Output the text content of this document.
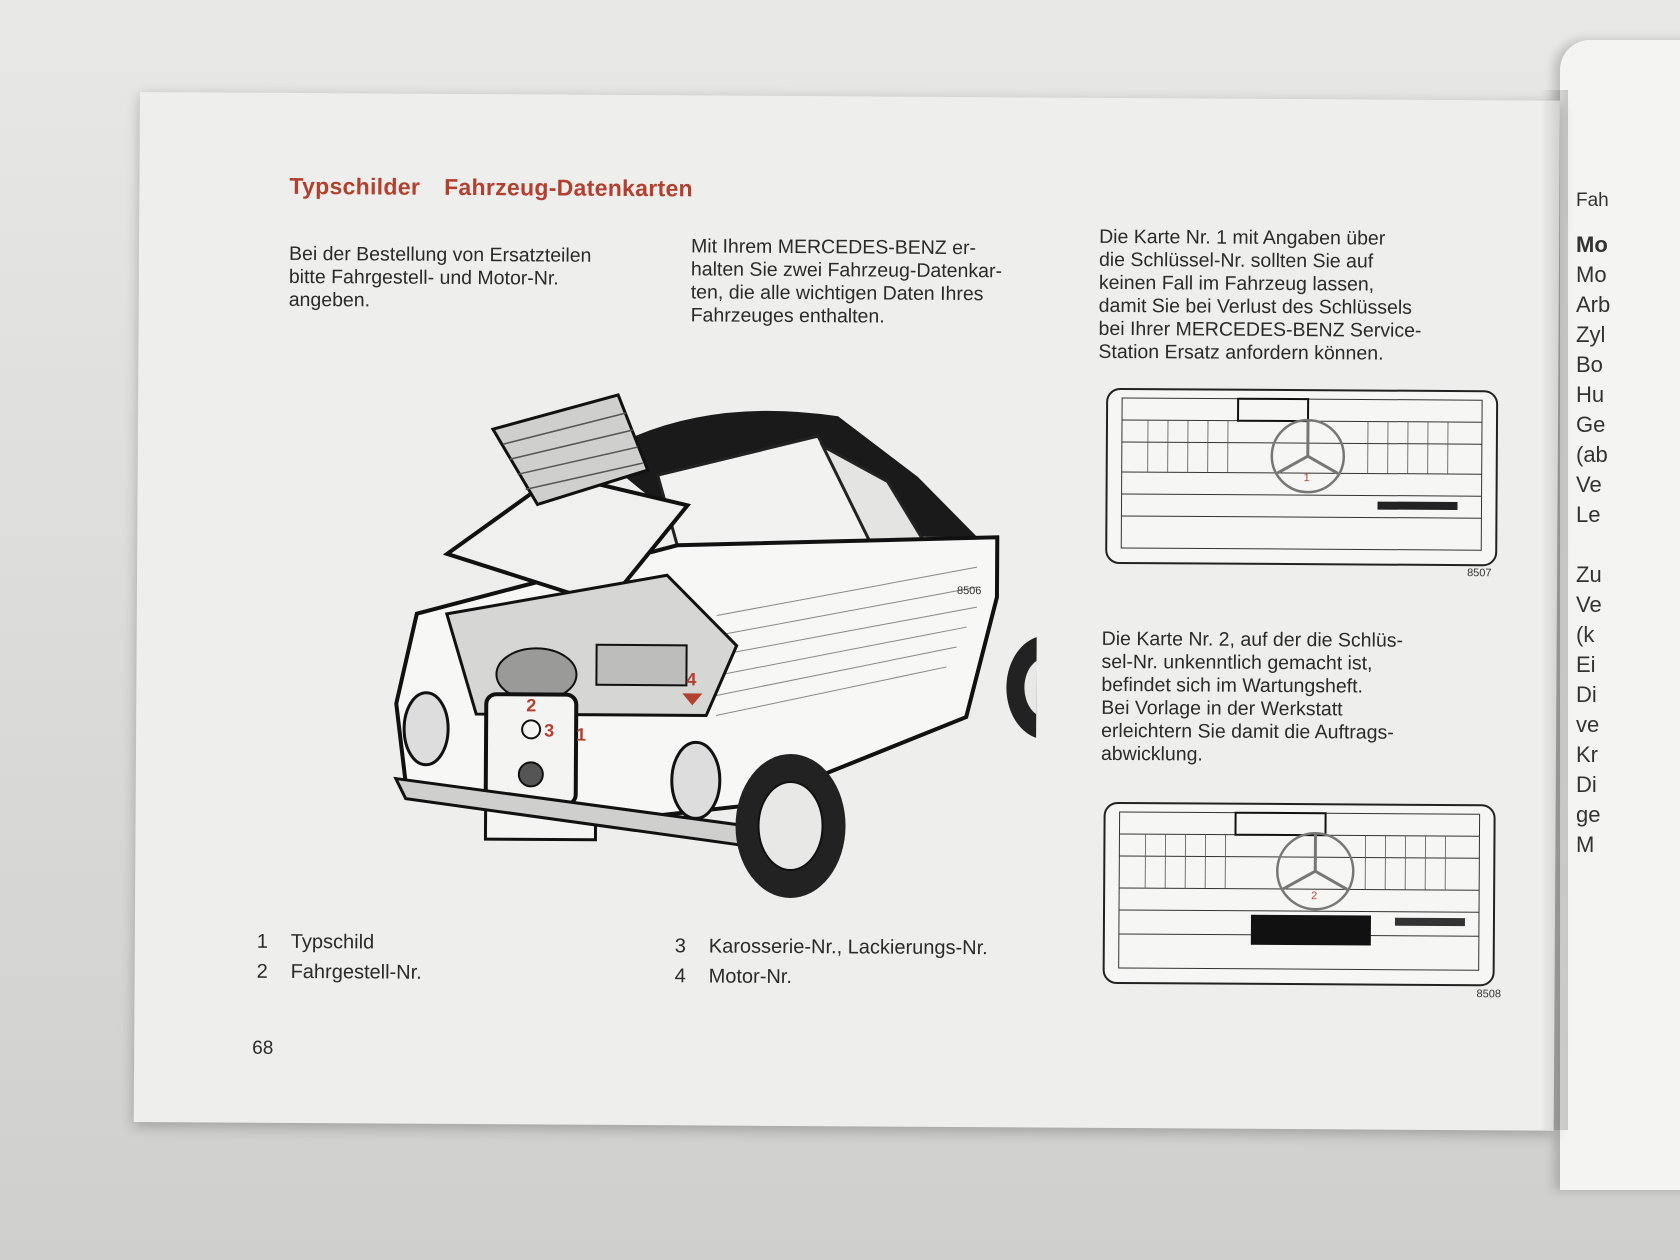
Fah
Mo
Mo
Arb
Zyl
Bo
Hu
Ge
(ab
Ve
Le
Zu
Ve
(k
Ei
Di
ve
Kr
Di
ge
M

Typschilder Fahrzeug-Datenkarten
Bei der Bestellung von Ersatzteilen
bitte Fahrgestell- und Motor-Nr.
angeben.
Mit Ihrem MERCEDES-BENZ er-
halten Sie zwei Fahrzeug-Datenkar-
ten, die alle wichtigen Daten Ihres
Fahrzeuges enthalten.
Die Karte Nr. 1 mit Angaben über
die Schlüssel-Nr. sollten Sie auf
keinen Fall im Fahrzeug lassen,
damit Sie bei Verlust des Schlüssels
bei Ihrer MERCEDES-BENZ Service-
Station Ersatz anfordern können.
Die Karte Nr. 2, auf der die Schlüs-
sel-Nr. unkenntlich gemacht ist,
befindet sich im Wartungsheft.
Bei Vorlage in der Werkstatt
erleichtern Sie damit die Auftrags-
abwicklung.
2
3 1
4
8506
1
8507
2
8508
1 Typschild
2 Fahrgestell-Nr.
3 Karosserie-Nr., Lackierungs-Nr.
4 Motor-Nr.
68
